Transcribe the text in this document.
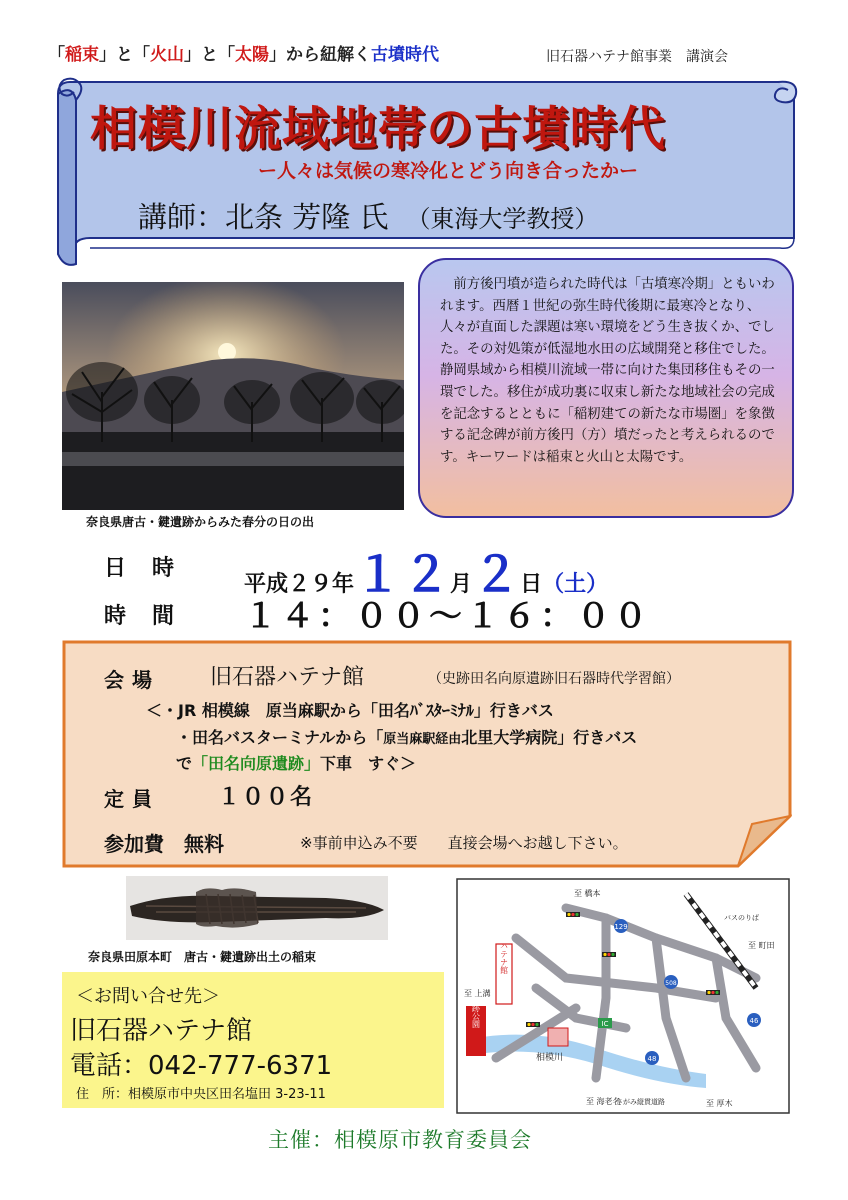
「稲束」と「火山」と「太陽」から紐解く古墳時代	旧石器ハテナ館事業　講演会
相模川流域地帯の古墳時代
ー人々は気候の寒冷化とどう向き合ったかー
講師：北条 芳隆 氏 （東海大学教授）
奈良県唐古・鍵遺跡からみた春分の日の出

前方後円墳が造られた時代は「古墳寒冷期」ともいわれます。西暦１世紀の弥生時代後期に最寒冷となり、人々が直面した課題は寒い環境をどう生き抜くか、でした。その対処策が低湿地水田の広域開発と移住でした。静岡県域から相模川流域一帯に向けた集団移住もその一環でした。移住が成功裏に収束し新たな地域社会の完成を記念するとともに「稲籾建ての新たな市場圏」を象徴する記念碑が前方後円（方）墳だったと考えられるのです。キーワードは稲束と火山と太陽です。

日　時
平成２９年１２月２日（土）
時　間 １４：００～１６：００
会場 旧石器ハテナ館	（史跡田名向原遺跡旧石器時代学習館）
＜・JR 相模線　原当麻駅から「田名ﾊﾞｽﾀｰﾐﾅﾙ」行きバス
・田名バスターミナルから「原当麻駅経由北里大学病院」行きバス
で「田名向原遺跡」下車　すぐ＞
定員	１００名
参加費　無料	※事前申込み不要　　直接会場へお越し下さい。
奈良県田原本町　唐古・鍵遺跡出土の稲束
＜お問い合せ先＞
旧石器ハテナ館
電話：042-777-6371
住　所：相模原市中央区田名塩田 3-23-11
至 橋本
至 町田
至 上溝
至 海老名
さがみ縦貫道路	至 厚木
相模川
バスのりば
129
508
46
48
IC
ハテナ館
遺跡公園
主催：相模原市教育委員会
